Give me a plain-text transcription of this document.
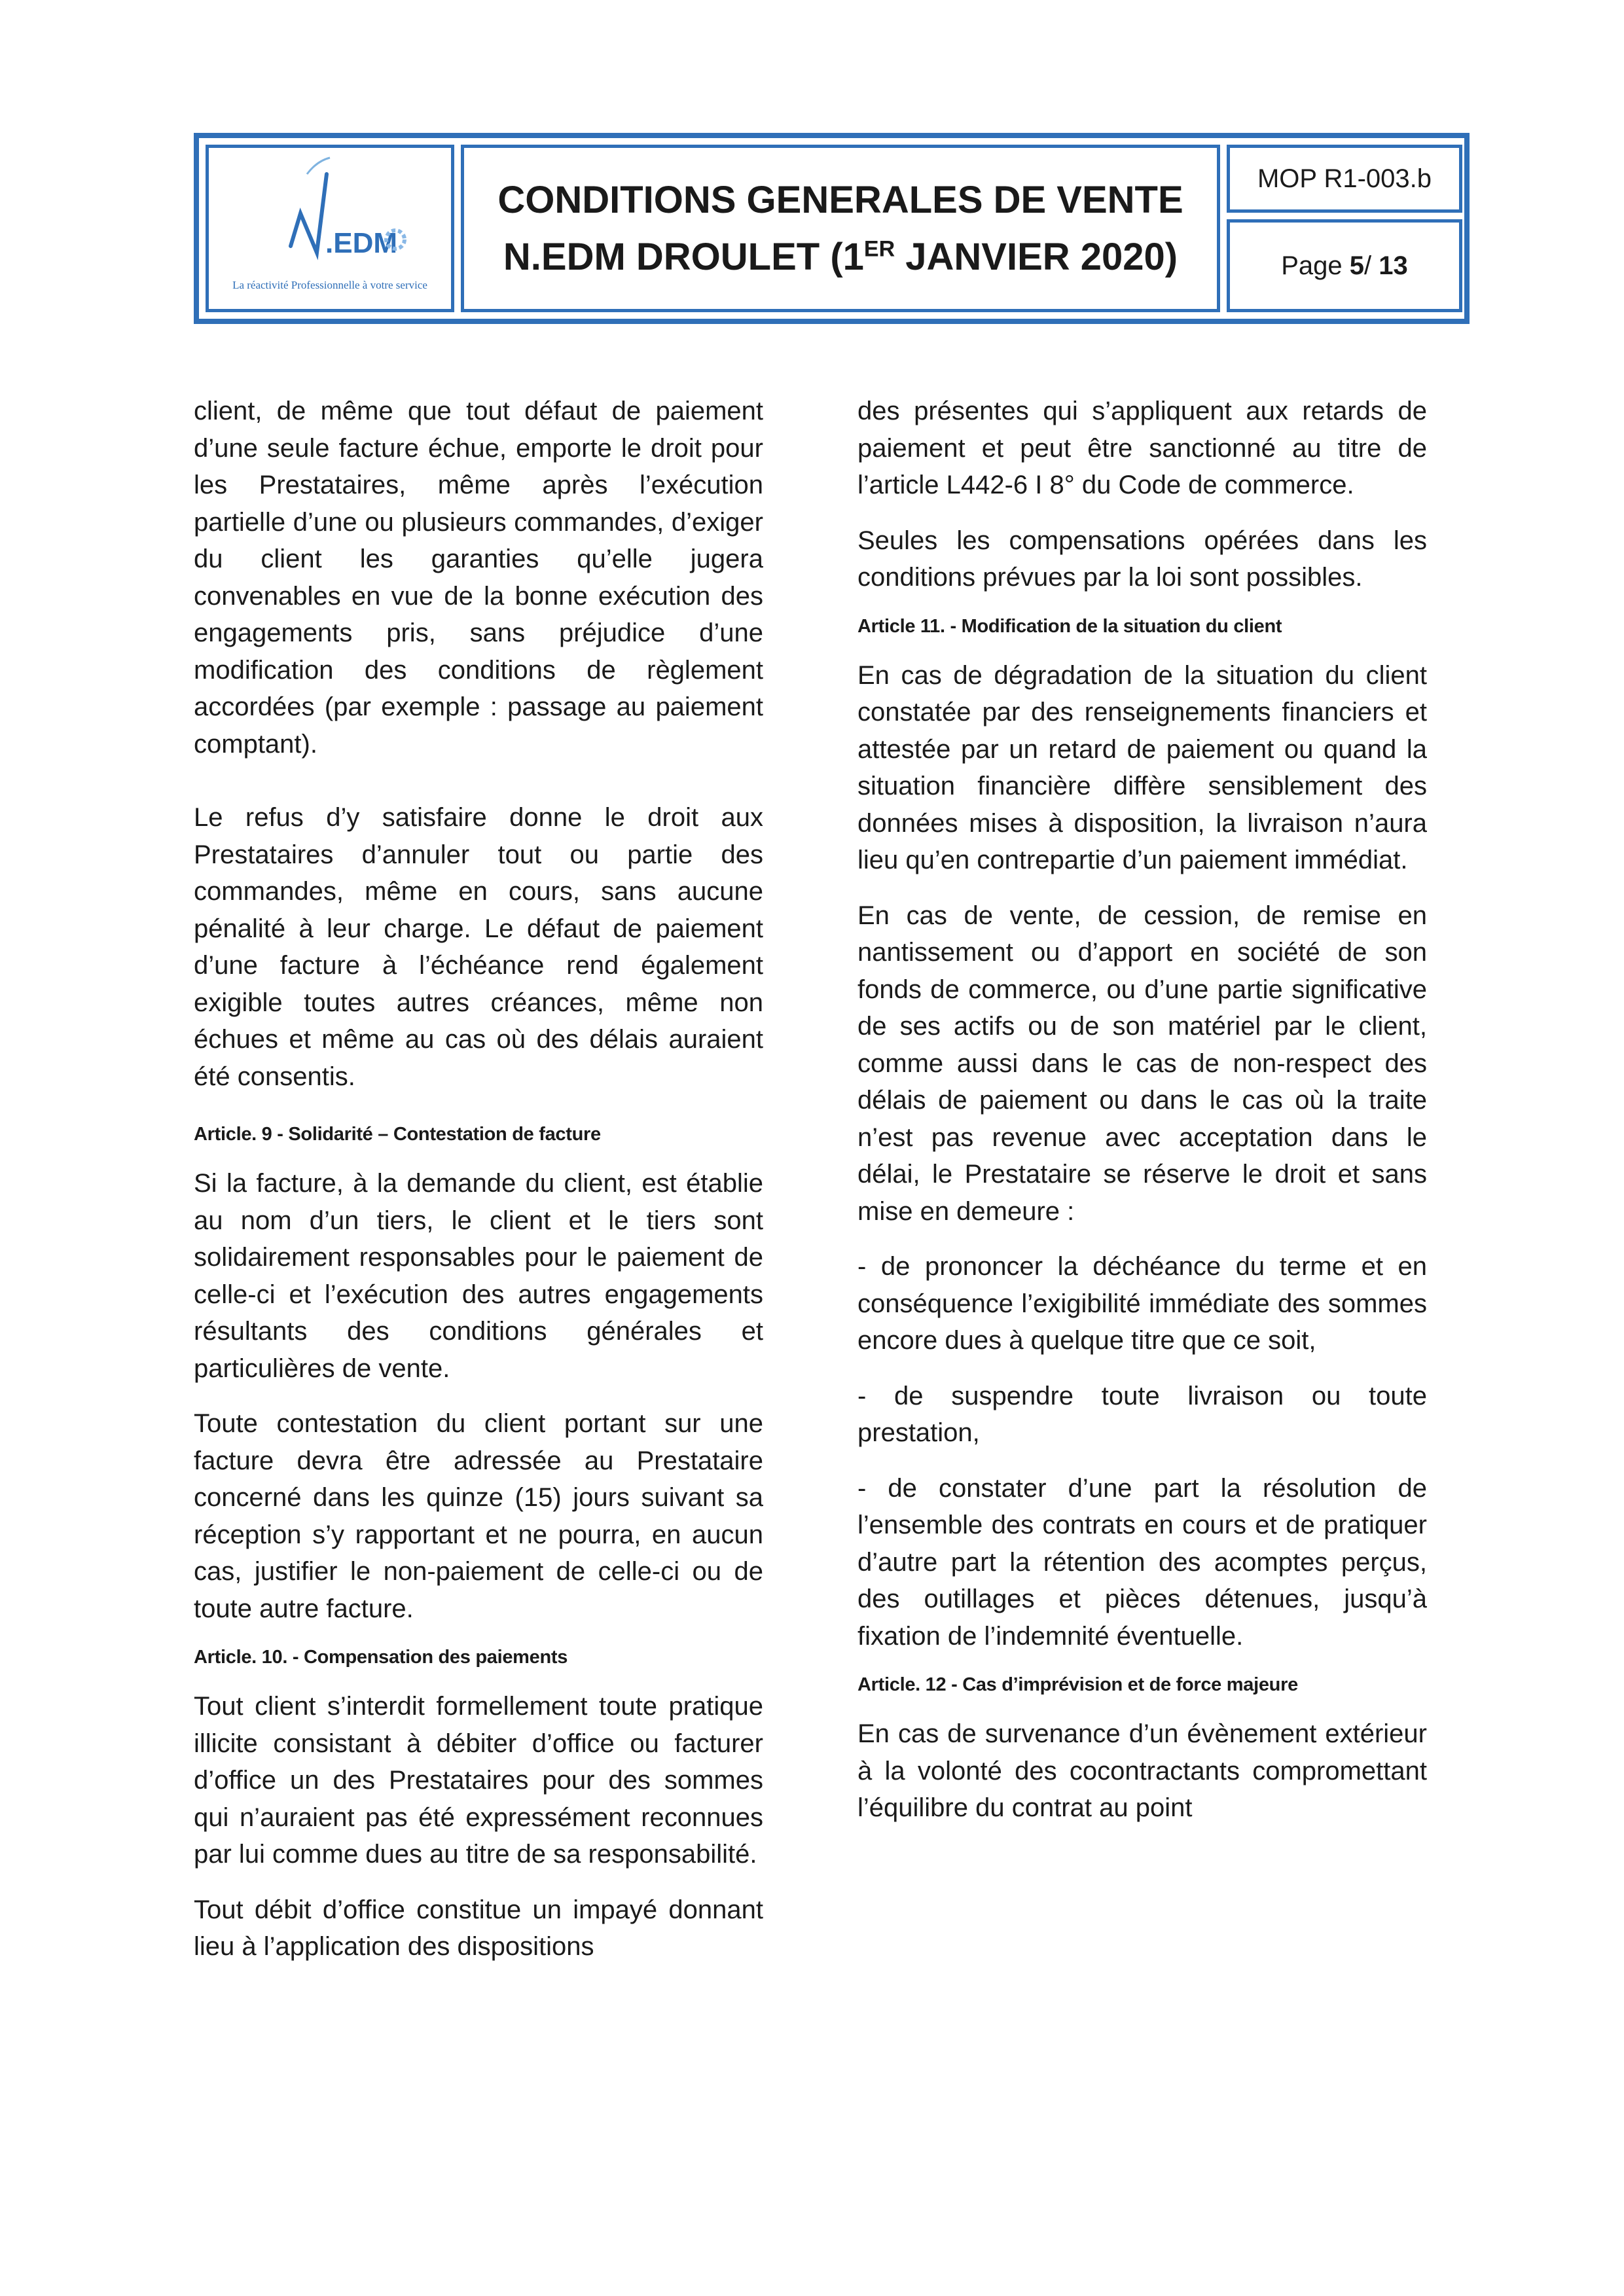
.EDM
La réactivité Professionnelle à votre service
CONDITIONS GENERALES DE VENTE
N.EDM DROULET (1ER JANVIER 2020)
MOP R1-003.b
Page 5/ 13

client, de même que tout défaut de paiement d’une seule facture échue, emporte le droit pour les Prestataires, même après l’exécution partielle d’une ou plusieurs commandes, d’exiger du client les garanties qu’elle jugera convenables en vue de la bonne exécution des engagements pris, sans préjudice d’une modification des conditions de règlement accordées (par exemple : passage au paiement comptant).

Le refus d’y satisfaire donne le droit aux Prestataires d’annuler tout ou partie des commandes, même en cours, sans aucune pénalité à leur charge. Le défaut de paiement d’une facture à l’échéance rend également exigible toutes autres créances, même non échues et même au cas où des délais auraient été consentis.

Article. 9 - Solidarité – Contestation de facture

Si la facture, à la demande du client, est établie au nom d’un tiers, le client et le tiers sont solidairement responsables pour le paiement de celle-ci et l’exécution des autres engagements résultants des conditions générales et particulières de vente.

Toute contestation du client portant sur une facture devra être adressée au Prestataire concerné dans les quinze (15) jours suivant sa réception s’y rapportant et ne pourra, en aucun cas, justifier le non-paiement de celle-ci ou de toute autre facture.

Article. 10. - Compensation des paiements

Tout client s’interdit formellement toute pratique illicite consistant à débiter d’office ou facturer d’office un des Prestataires pour des sommes qui n’auraient pas été expressément reconnues par lui comme dues au titre de sa responsabilité.

Tout débit d’office constitue un impayé donnant lieu à l’application des dispositions

des présentes qui s’appliquent aux retards de paiement et peut être sanctionné au titre de l’article L442-6 I 8° du Code de commerce.

Seules les compensations opérées dans les conditions prévues par la loi sont possibles.

Article 11. - Modification de la situation du client

En cas de dégradation de la situation du client constatée par des renseignements financiers et attestée par un retard de paiement ou quand la situation financière diffère sensiblement des données mises à disposition, la livraison n’aura lieu qu’en contrepartie d’un paiement immédiat.

En cas de vente, de cession, de remise en nantissement ou d’apport en société de son fonds de commerce, ou d’une partie significative de ses actifs ou de son matériel par le client, comme aussi dans le cas de non-respect des délais de paiement ou dans le cas où la traite n’est pas revenue avec acceptation dans le délai, le Prestataire se réserve le droit et sans mise en demeure :

- de prononcer la déchéance du terme et en conséquence l’exigibilité immédiate des sommes encore dues à quelque titre que ce soit,

- de suspendre toute livraison ou toute prestation,

- de constater d’une part la résolution de l’ensemble des contrats en cours et de pratiquer d’autre part la rétention des acomptes perçus, des outillages et pièces détenues, jusqu’à fixation de l’indemnité éventuelle.

Article. 12 - Cas d’imprévision et de force majeure

En cas de survenance d’un évènement extérieur à la volonté des cocontractants compromettant l’équilibre du contrat au point
